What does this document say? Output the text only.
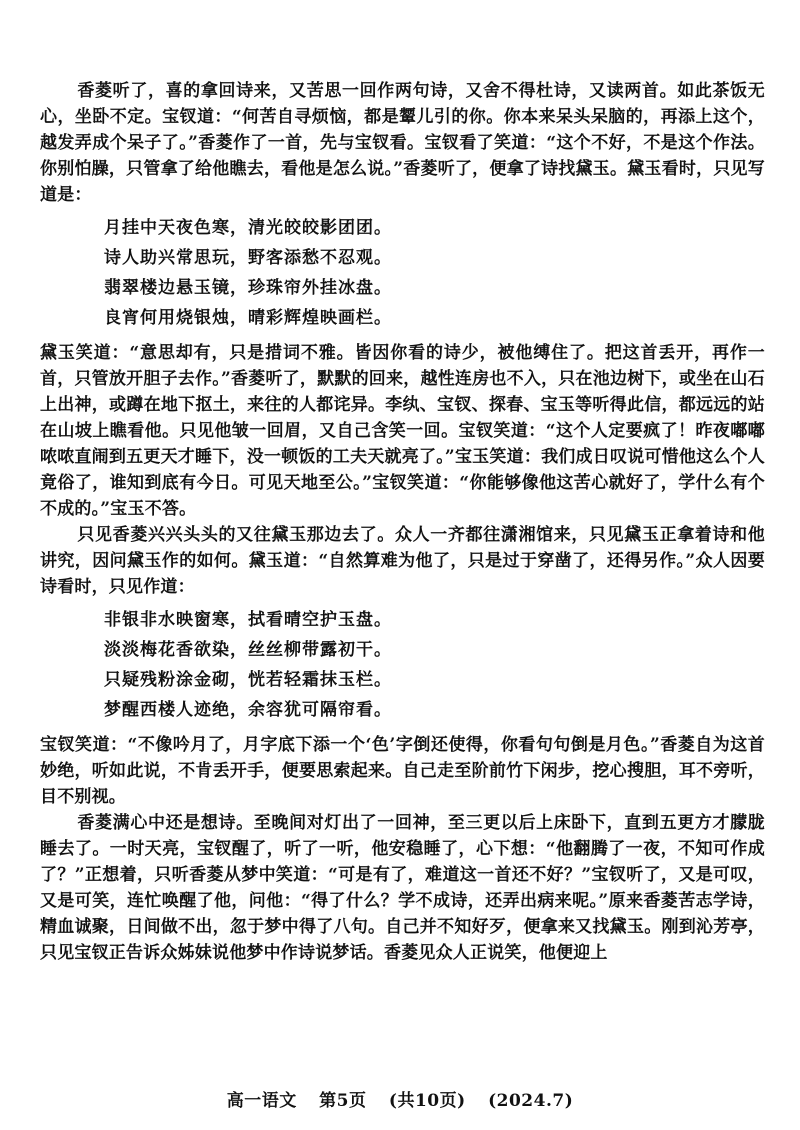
香菱听了，喜的拿回诗来，又苦思一回作两句诗，又舍不得杜诗，又读两首。如此茶饭无心，坐卧不定。宝钗道：“何苦自寻烦恼，都是颦儿引的你。你本来呆头呆脑的，再添上这个，越发弄成个呆子了。”香菱作了一首，先与宝钗看。宝钗看了笑道：“这个不好，不是这个作法。你别怕臊，只管拿了给他瞧去，看他是怎么说。”香菱听了，便拿了诗找黛玉。黛玉看时，只见写道是：

月挂中天夜色寒，清光皎皎影团团。
诗人助兴常思玩，野客添愁不忍观。
翡翠楼边悬玉镜，珍珠帘外挂冰盘。
良宵何用烧银烛，晴彩辉煌映画栏。

黛玉笑道：“意思却有，只是措词不雅。皆因你看的诗少，被他缚住了。把这首丢开，再作一首，只管放开胆子去作。”香菱听了，默默的回来，越性连房也不入，只在池边树下，或坐在山石上出神，或蹲在地下抠土，来往的人都诧异。李纨、宝钗、探春、宝玉等听得此信，都远远的站在山坡上瞧看他。只见他皱一回眉，又自己含笑一回。宝钗笑道：“这个人定要疯了！昨夜嘟嘟哝哝直闹到五更天才睡下，没一顿饭的工夫天就亮了。”宝玉笑道：我们成日叹说可惜他这么个人竟俗了，谁知到底有今日。可见天地至公。”宝钗笑道：“你能够像他这苦心就好了，学什么有个不成的。”宝玉不答。

只见香菱兴兴头头的又往黛玉那边去了。众人一齐都往潇湘馆来，只见黛玉正拿着诗和他讲究，因问黛玉作的如何。黛玉道：“自然算难为他了，只是过于穿凿了，还得另作。”众人因要诗看时，只见作道：

非银非水映窗寒，拭看晴空护玉盘。
淡淡梅花香欲染，丝丝柳带露初干。
只疑残粉涂金砌，恍若轻霜抹玉栏。
梦醒西楼人迹绝，余容犹可隔帘看。

宝钗笑道：“不像吟月了，月字底下添一个‘色’字倒还使得，你看句句倒是月色。”香菱自为这首妙绝，听如此说，不肯丢开手，便要思索起来。自己走至阶前竹下闲步，挖心搜胆，耳不旁听，目不别视。

香菱满心中还是想诗。至晚间对灯出了一回神，至三更以后上床卧下，直到五更方才朦胧睡去了。一时天亮，宝钗醒了，听了一听，他安稳睡了，心下想：“他翻腾了一夜，不知可作成了？”正想着，只听香菱从梦中笑道：“可是有了，难道这一首还不好？”宝钗听了，又是可叹，又是可笑，连忙唤醒了他，问他：“得了什么？学不成诗，还弄出病来呢。”原来香菱苦志学诗，精血诚聚，日间做不出，忽于梦中得了八句。自己并不知好歹，便拿来又找黛玉。刚到沁芳亭，只见宝钗正告诉众姊妹说他梦中作诗说梦话。香菱见众人正说笑，他便迎上

高一语文 第5页 (共10页) (2024.7)
